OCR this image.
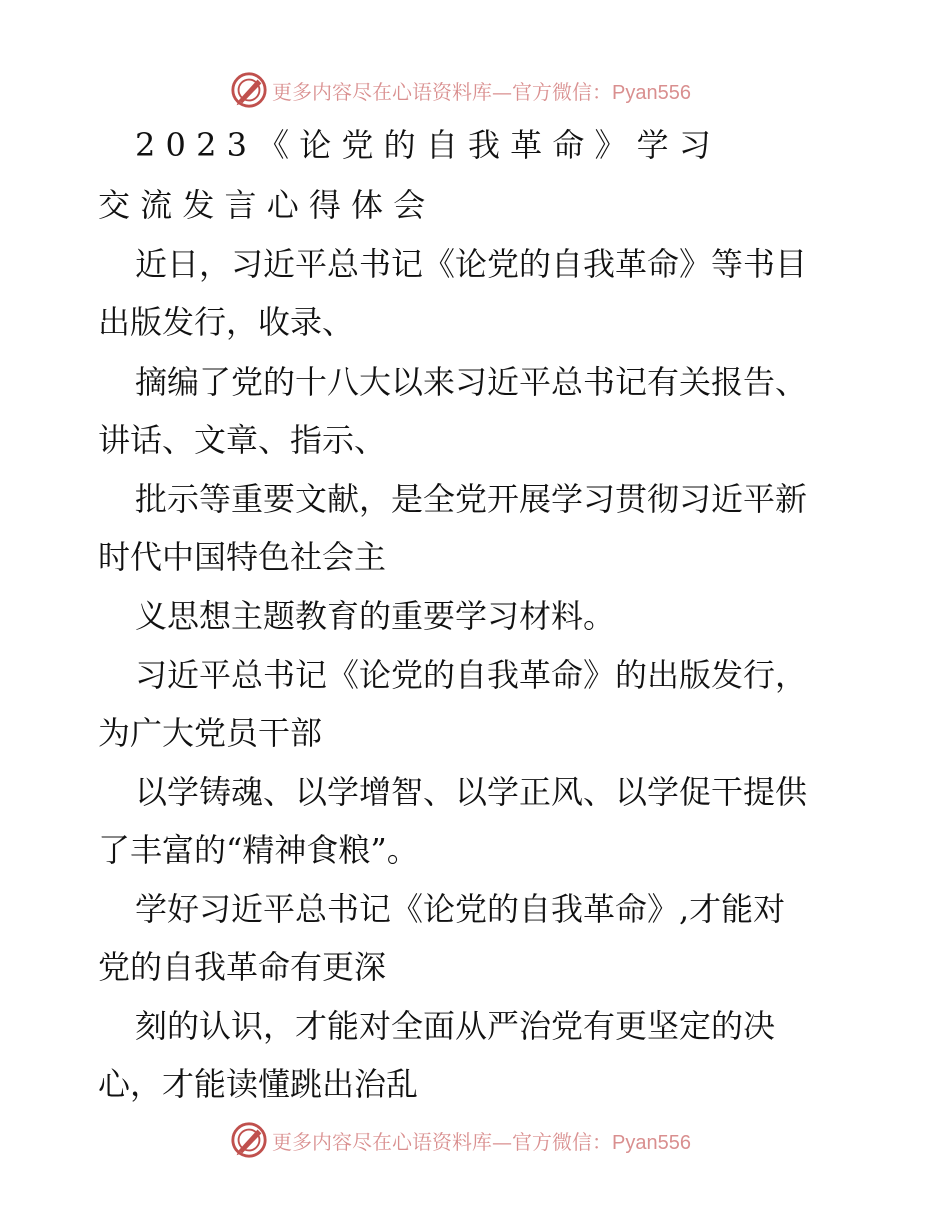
更多内容尽在心语资料库—官方微信：Pyan556

2 0 2 3 《 论 党 的 自 我 革 命 》 学 习

交 流 发 言 心 得 体 会

近日，习近平总书记《论党的自我革命》等书目

出版发行，收录、

摘编了党的十八大以来习近平总书记有关报告、

讲话、文章、指示、

批示等重要文献，是全党开展学习贯彻习近平新

时代中国特色社会主

义思想主题教育的重要学习材料。

习近平总书记《论党的自我革命》的出版发行，

为广大党员干部

以学铸魂、以学增智、以学正风、以学促干提供

了丰富的“精神食粮”。

学好习近平总书记《论党的自我革命》,才能对

党的自我革命有更深

刻的认识，才能对全面从严治党有更坚定的决

心，才能读懂跳出治乱

更多内容尽在心语资料库—官方微信：Pyan556
